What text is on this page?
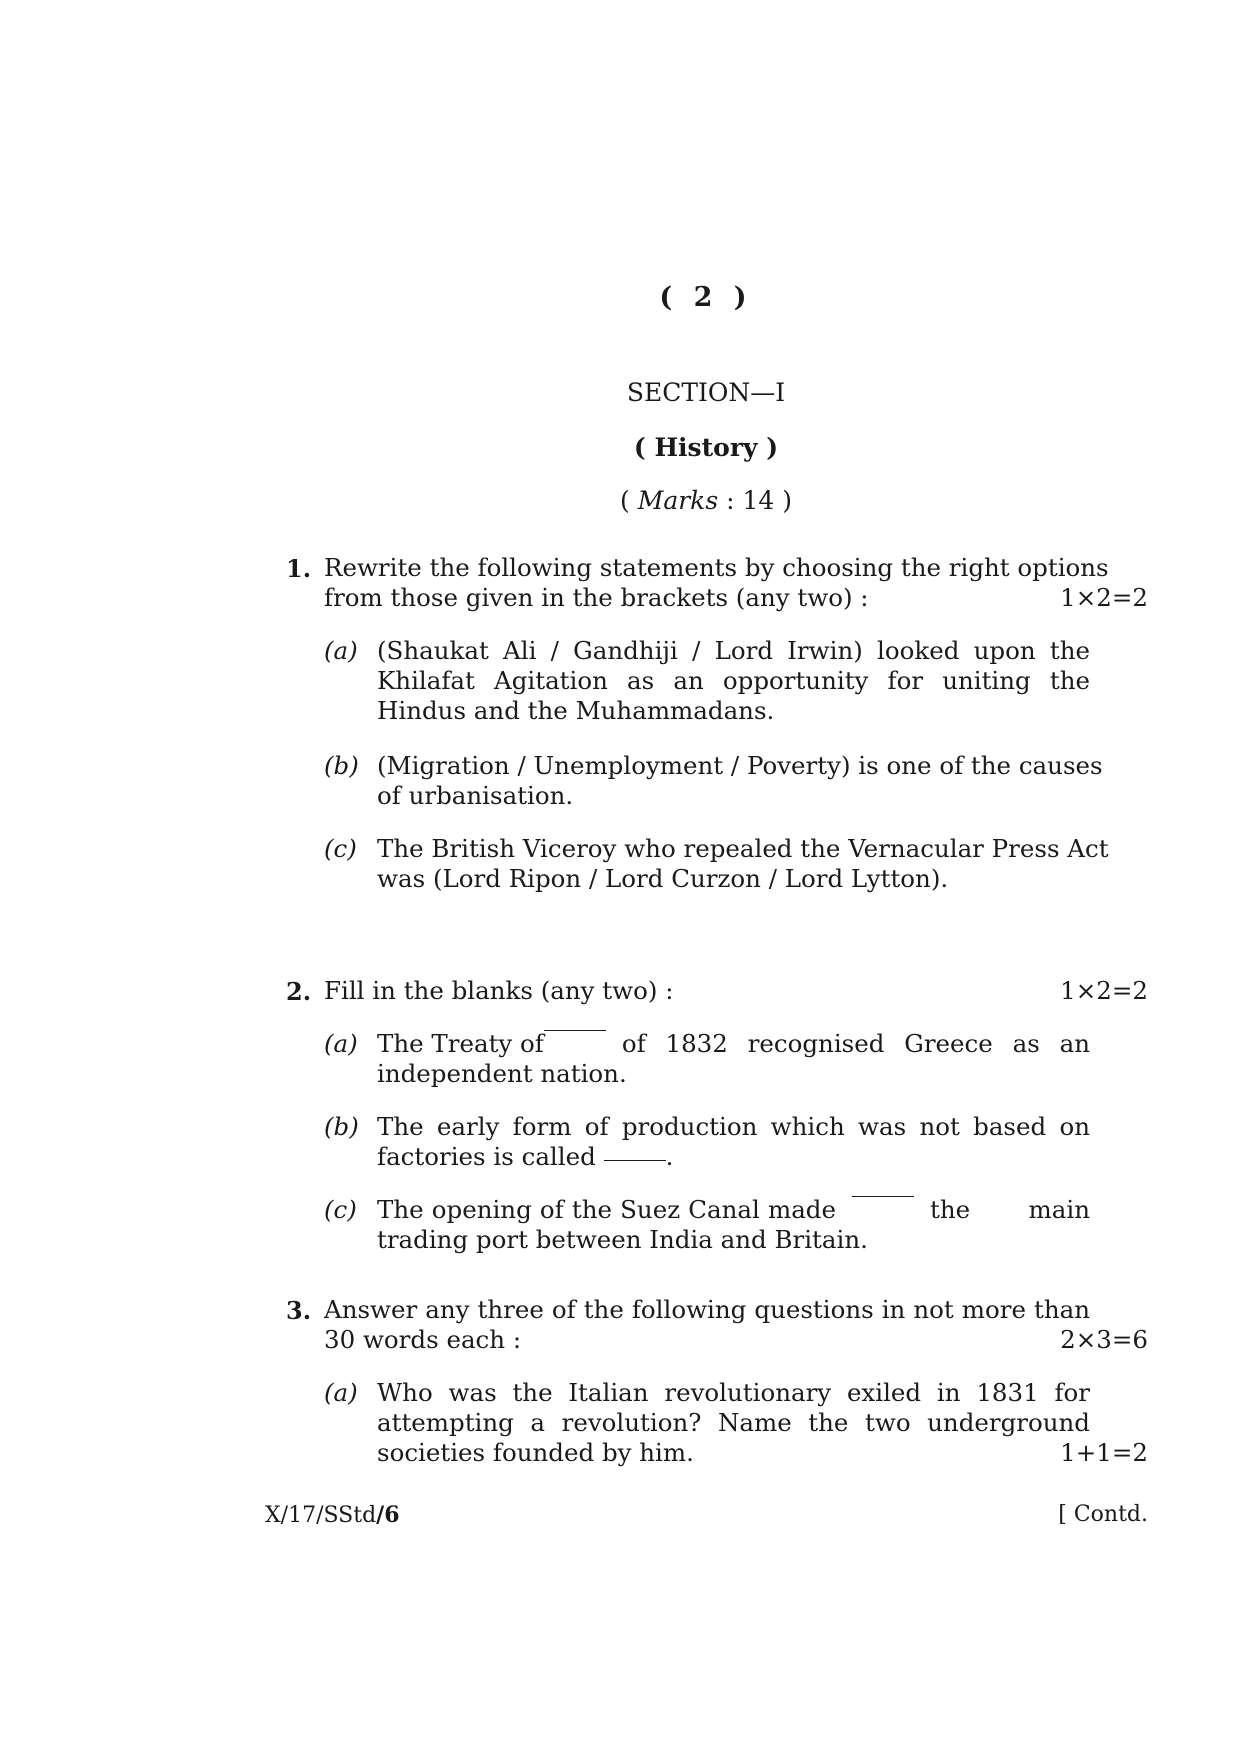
( 2 )
SECTION—I
( History )
( Marks : 14 )
1. Rewrite the following statements by choosing the right options
from those given in the brackets (any two) :	1×2=2
(a) (Shaukat Ali / Gandhiji / Lord Irwin) looked upon the
Khilafat Agitation as an opportunity for uniting the
Hindus and the Muhammadans.
(b) (Migration / Unemployment / Poverty) is one of the causes
of urbanisation.
(c) The British Viceroy who repealed the Vernacular Press Act
was (Lord Ripon / Lord Curzon / Lord Lytton).
2. Fill in the blanks (any two) :	1×2=2
(a) The Treaty of	of 1832 recognised Greece as an
independent nation.
(b) The early form of production which was not based on
factories is called	.
(c) The opening of the Suez Canal made	the main
trading port between India and Britain.
3. Answer any three of the following questions in not more than
30 words each :	2×3=6
(a) Who was the Italian revolutionary exiled in 1831 for
attempting a revolution? Name the two underground
societies founded by him.	1+1=2
X/17/SStd/6	[ Contd.
